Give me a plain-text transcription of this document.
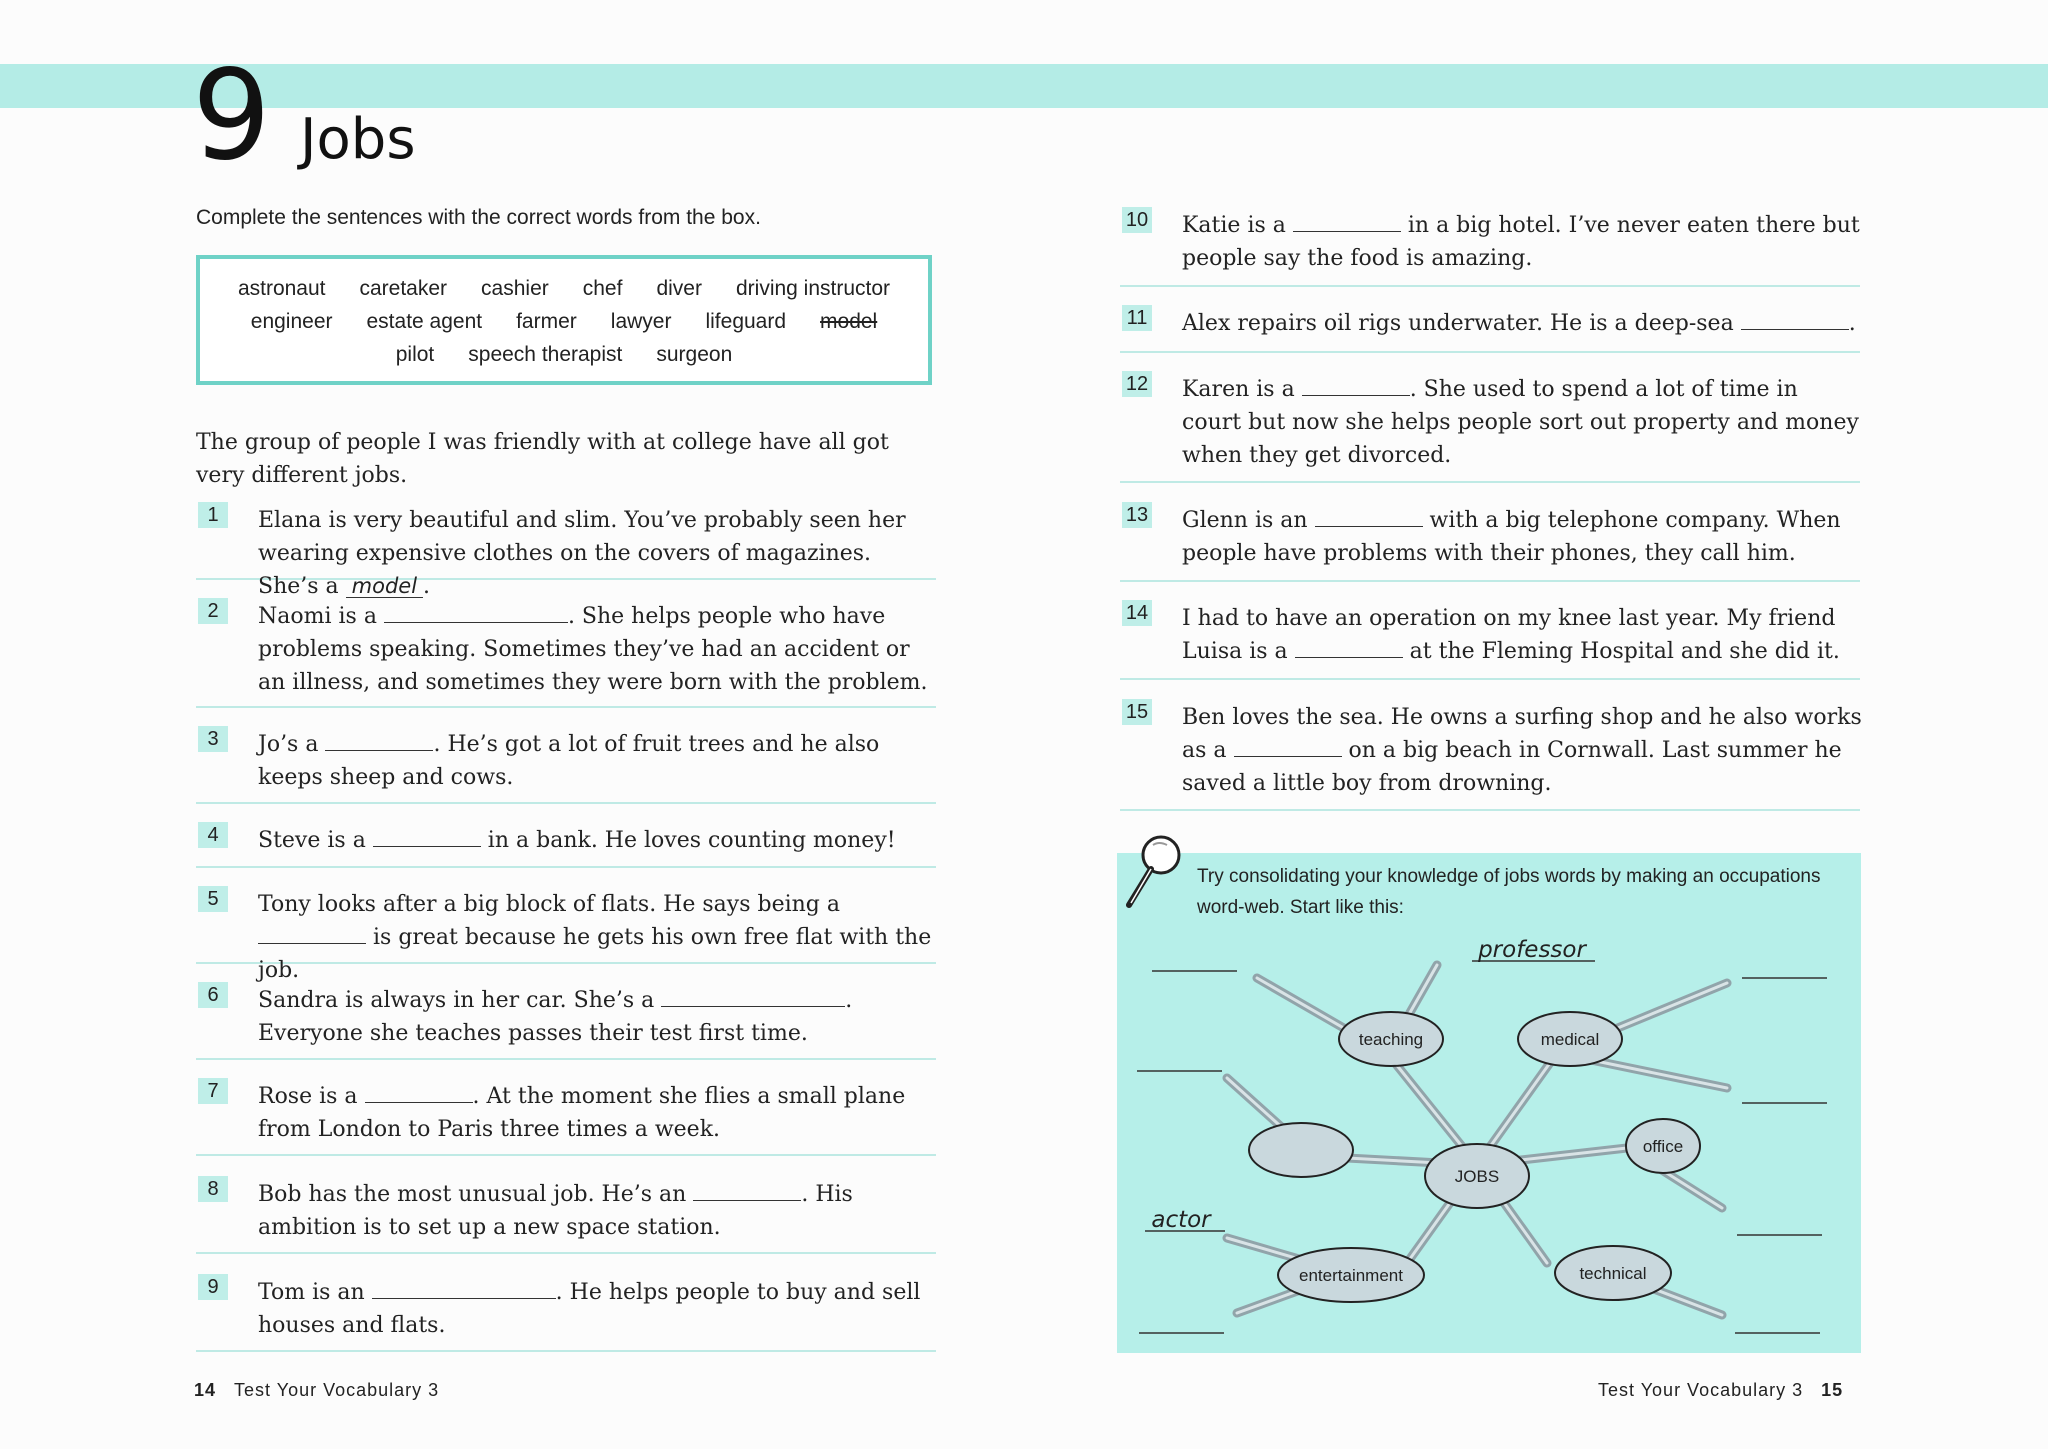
9 Jobs
Complete the sentences with the correct words from the box.
astronaut caretaker cashier chef diver driving instructor
engineer estate agent farmer lawyer lifeguard model
pilot speech therapist surgeon
The group of people I was friendly with at college have all got very different jobs.
1	Elana is very beautiful and slim. You’ve probably seen her wearing expensive clothes on the covers of magazines. She’s a model .
2	Naomi is a	. She helps people who have problems speaking. Sometimes they’ve had an accident or an illness, and sometimes they were born with the problem.
3	Jo’s a	. He’s got a lot of fruit trees and he also keeps sheep and cows.
4	Steve is a	in a bank. He loves counting money!
5	Tony looks after a big block of flats. He says being a  is great because he gets his own free flat with the job.
6	Sandra is always in her car. She’s a	. Everyone she teaches passes their test first time.
7	Rose is a	. At the moment she flies a small plane from London to Paris three times a week.
8	Bob has the most unusual job. He’s an	. His ambition is to set up a new space station.
9	Tom is an	. He helps people to buy and sell houses and flats.
10 Katie is a	in a big hotel. I’ve never eaten there but people say the food is amazing.
11 Alex repairs oil rigs underwater. He is a deep-sea	.
12 Karen is a	. She used to spend a lot of time in court but now she helps people sort out property and money when they get divorced.
13 Glenn is an	with a big telephone company. When people have problems with their phones, they call him.
14 I had to have an operation on my knee last year. My friend Luisa is a	at the Fleming Hospital and she did it.
15 Ben loves the sea. He owns a surfing shop and he also works as a	on a big beach in Cornwall. Last summer he saved a little boy from drowning.
Try consolidating your knowledge of jobs words by making an occupations word-web. Start like this:
teaching	medical
JOBS
office
entertainment	technical
professor
actor
14 Test Your Vocabulary 3	Test Your Vocabulary 3 15
